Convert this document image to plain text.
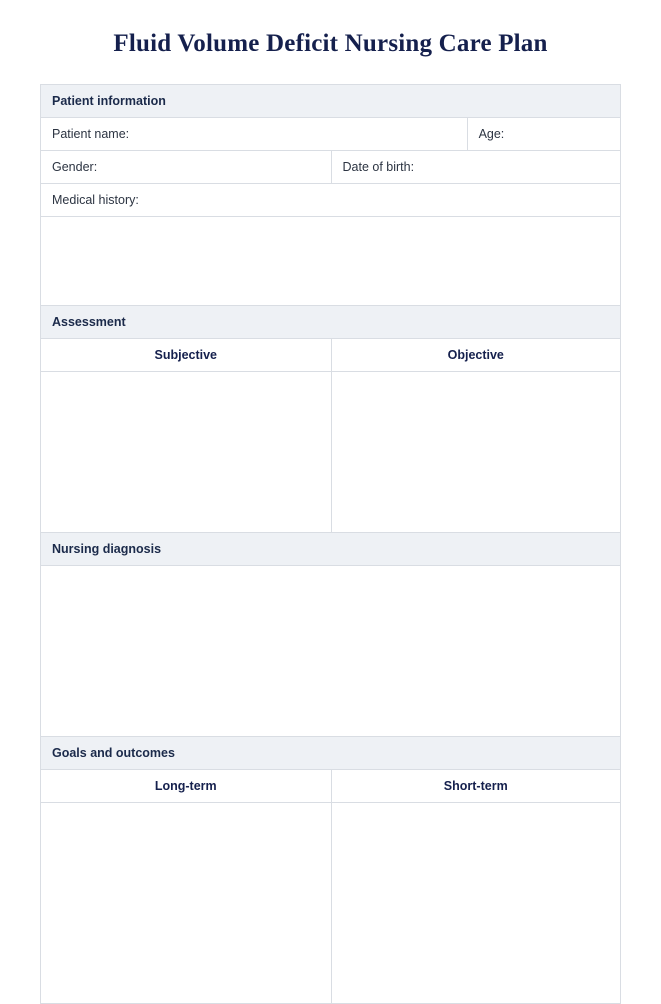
Fluid Volume Deficit Nursing Care Plan
Patient information
Patient name:	Age:
Gender:	Date of birth:
Medical history:
Assessment
Subjective	Objective
Nursing diagnosis
Goals and outcomes
Long-term	Short-term
